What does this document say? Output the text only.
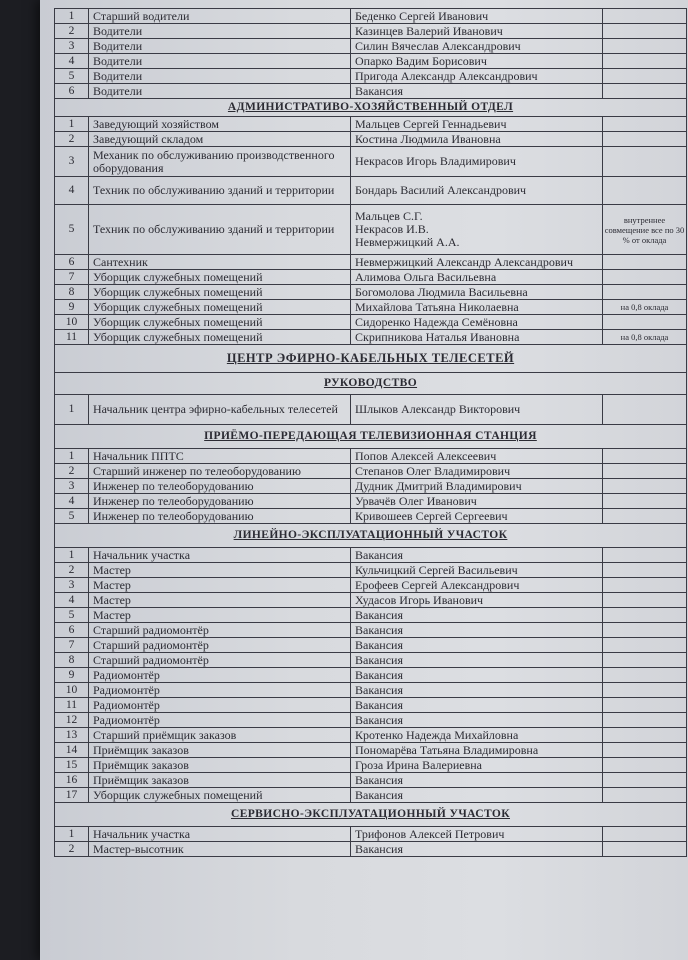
1	Старший водители	Беденко Сергей Иванович	
2	Водители	Казинцев Валерий Иванович	
3	Водители	Силин Вячеслав Александрович	
4	Водители	Опарко Вадим Борисович	
5	Водители	Пригода Александр Александрович	
6	Водители	Вакансия	
АДМИНИСТРАТИВО-ХОЗЯЙСТВЕННЫЙ ОТДЕЛ			
1	Заведующий хозяйством	Мальцев Сергей Геннадьевич	
2	Заведующий складом	Костина Людмила Ивановна	
3	Механик по обслуживанию производственного оборудования	Некрасов Игорь Владимирович	
4	Техник по обслуживанию зданий и территории	Бондарь Василий Александрович	
5	Техник по обслуживанию зданий и территории	Мальцев С.Г.
Некрасов И.В.
Невмержицкий А.А.	внутреннее совмещение все по 30 % от оклада
6	Сантехник	Невмержицкий Александр Александрович	
7	Уборщик служебных помещений	Алимова Ольга Васильевна	
8	Уборщик служебных помещений	Богомолова Людмила Васильевна	
9	Уборщик служебных помещений	Михайлова Татьяна Николаевна	на 0,8 оклада
10	Уборщик служебных помещений	Сидоренко Надежда Семёновна	
11	Уборщик служебных помещений	Скрипникова Наталья Ивановна	на 0,8 оклада
ЦЕНТР ЭФИРНО-КАБЕЛЬНЫХ ТЕЛЕСЕТЕЙ			
РУКОВОДСТВО			
1	Начальник центра эфирно-кабельных телесетей	Шлыков Александр Викторович	
ПРИЁМО-ПЕРЕДАЮЩАЯ ТЕЛЕВИЗИОННАЯ СТАНЦИЯ			
1	Начальник ППТС	Попов Алексей Алексеевич	
2	Старший инженер по телеоборудованию	Степанов Олег Владимирович	
3	Инженер по телеоборудованию	Дудник Дмитрий Владимирович	
4	Инженер по телеоборудованию	Урвачёв Олег Иванович	
5	Инженер по телеоборудованию	Кривошеев Сергей Сергеевич	
ЛИНЕЙНО-ЭКСПЛУАТАЦИОННЫЙ УЧАСТОК			
1	Начальник участка	Вакансия	
2	Мастер	Кульчицкий Сергей Васильевич	
3	Мастер	Ерофеев Сергей Александрович	
4	Мастер	Худасов Игорь Иванович	
5	Мастер	Вакансия	
6	Старший радиомонтёр	Вакансия	
7	Старший радиомонтёр	Вакансия	
8	Старший радиомонтёр	Вакансия	
9	Радиомонтёр	Вакансия	
10	Радиомонтёр	Вакансия	
11	Радиомонтёр	Вакансия	
12	Радиомонтёр	Вакансия	
13	Старший приёмщик заказов	Кротенко Надежда Михайловна	
14	Приёмщик заказов	Пономарёва Татьяна Владимировна	
15	Приёмщик заказов	Гроза Ирина Валериевна	
16	Приёмщик заказов	Вакансия	
17	Уборщик служебных помещений	Вакансия	
СЕРВИСНО-ЭКСПЛУАТАЦИОННЫЙ УЧАСТОК			
1	Начальник участка	Трифонов Алексей Петрович	
2	Мастер-высотник	Вакансия	
